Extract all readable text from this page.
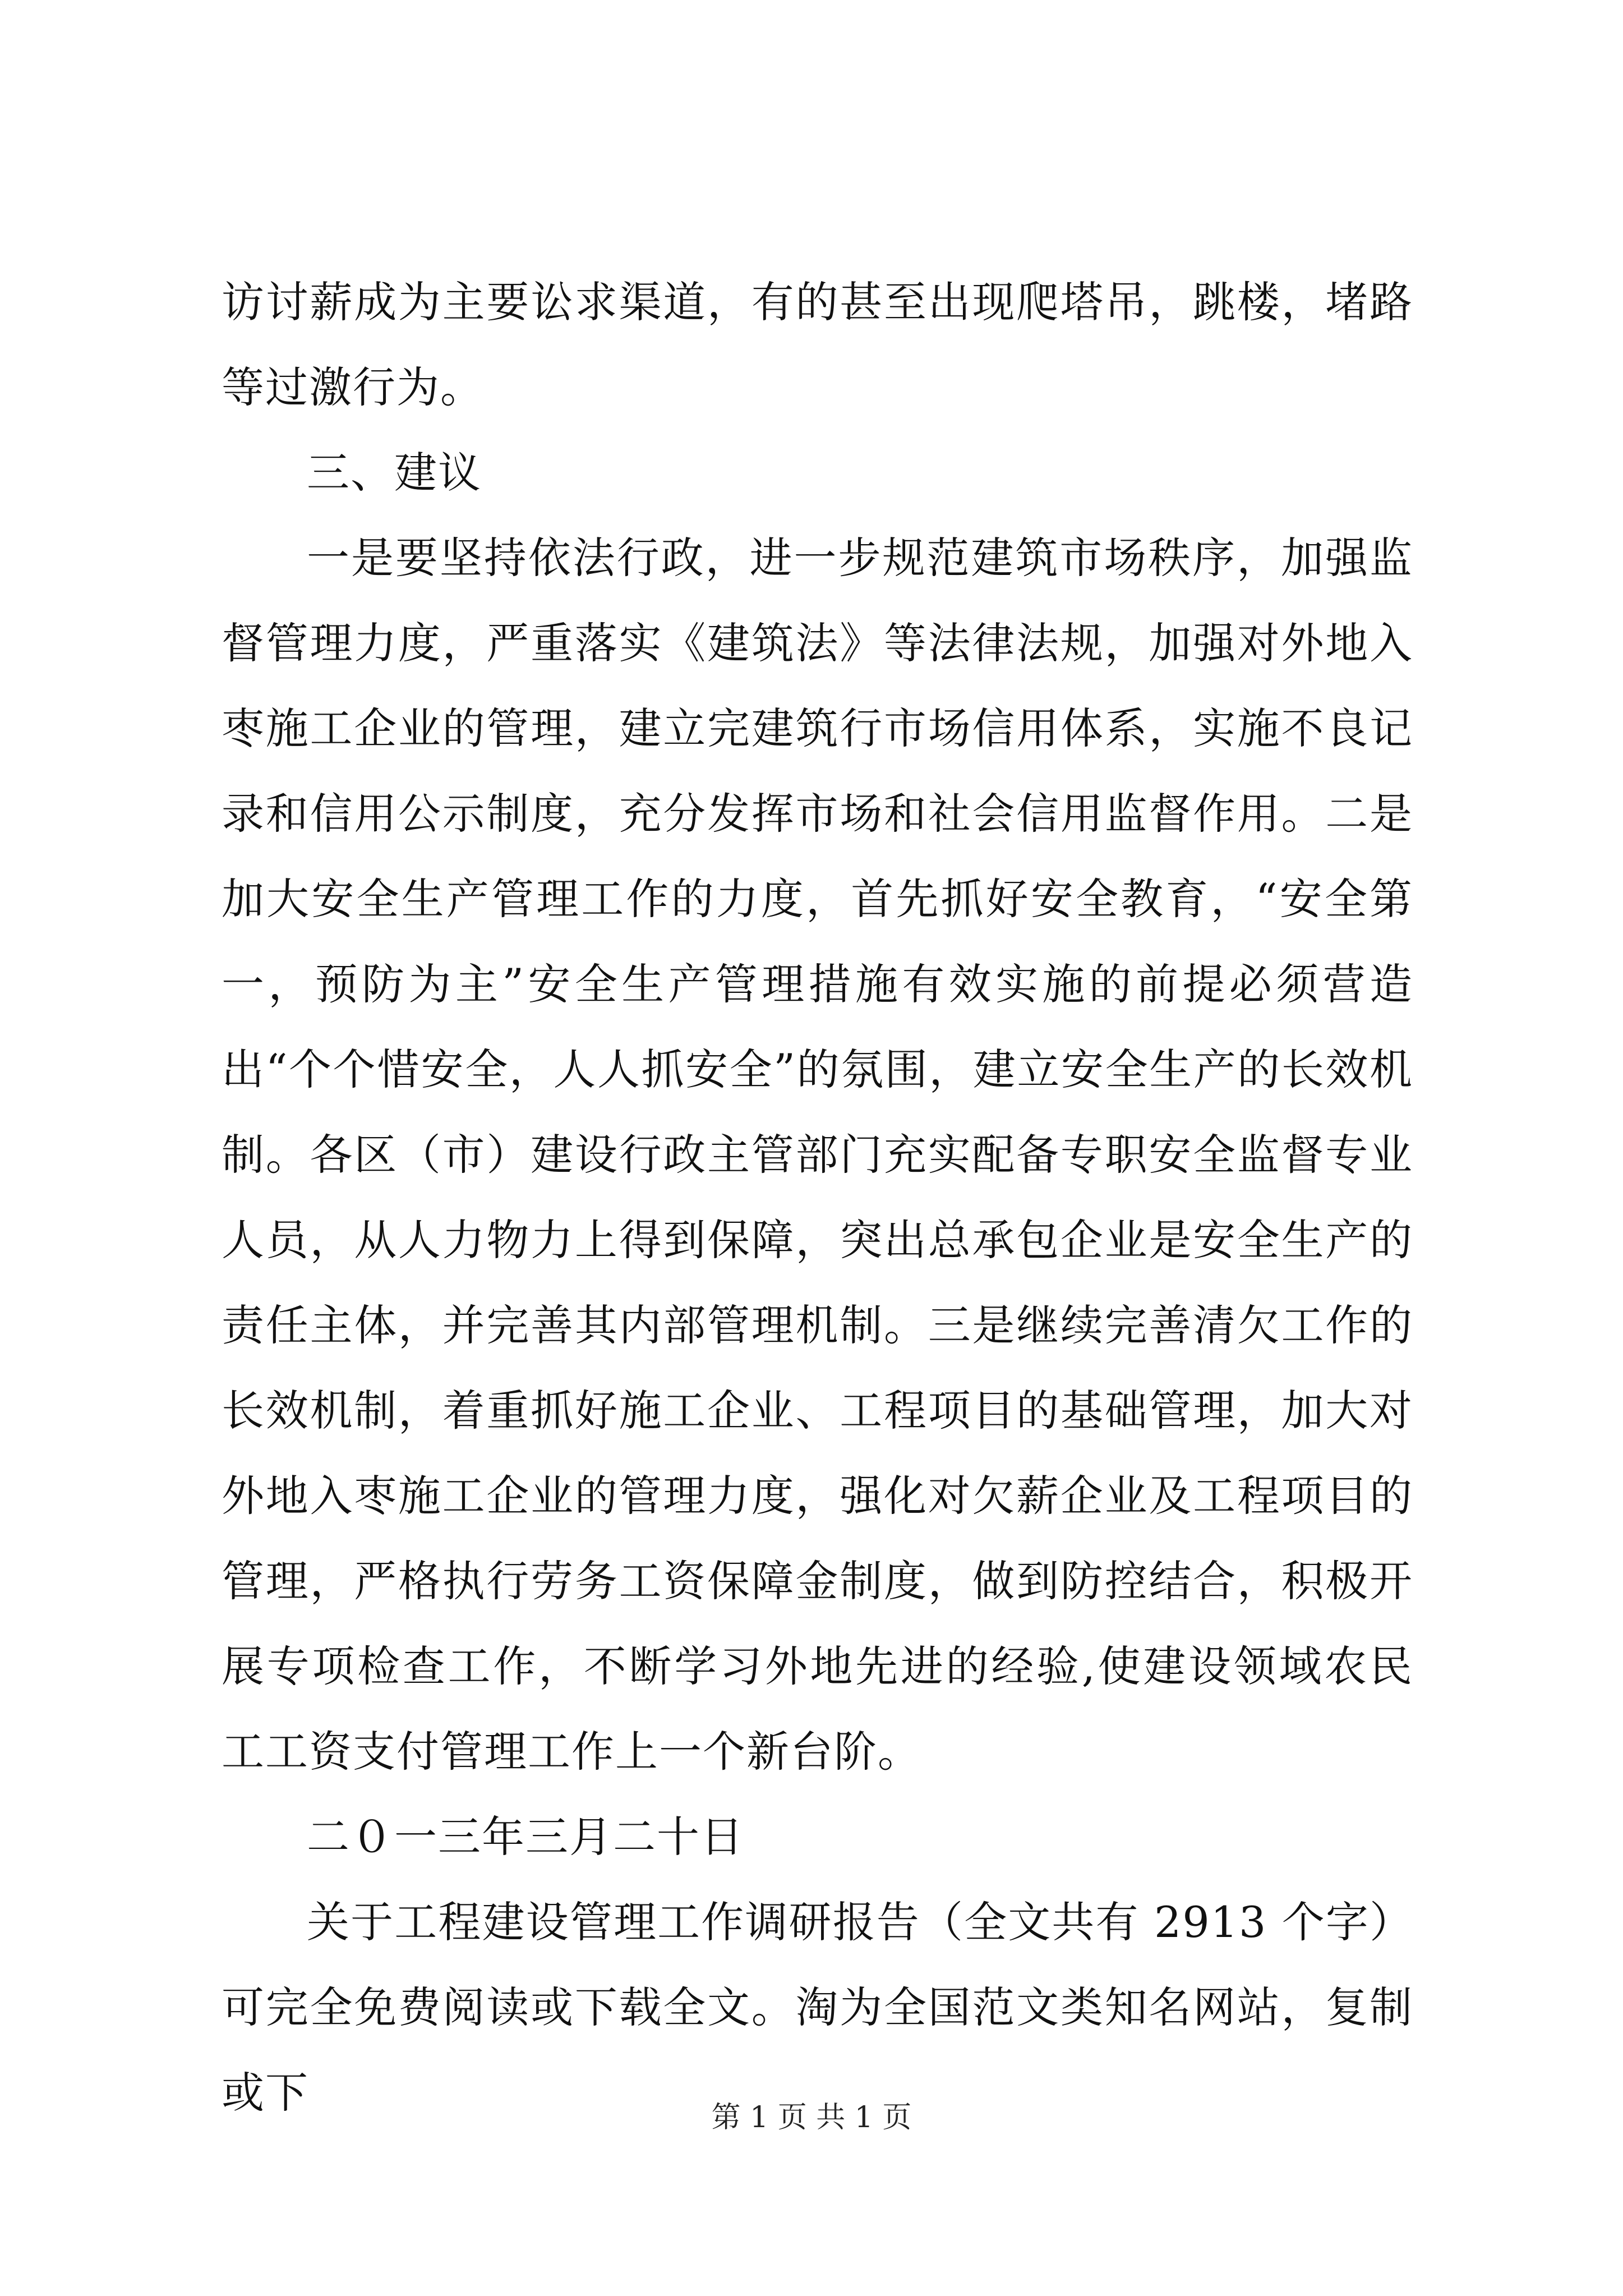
访讨薪成为主要讼求渠道，有的甚至出现爬塔吊，跳楼，堵路等过激行为。

三、建议

一是要坚持依法行政，进一步规范建筑市场秩序，加强监督管理力度，严重落实《建筑法》等法律法规，加强对外地入枣施工企业的管理，建立完建筑行市场信用体系，实施不良记录和信用公示制度，充分发挥市场和社会信用监督作用。二是加大安全生产管理工作的力度，首先抓好安全教育，“安全第一，预防为主”安全生产管理措施有效实施的前提必须营造出“个个惜安全，人人抓安全”的氛围，建立安全生产的长效机制。各区（市）建设行政主管部门充实配备专职安全监督专业人员，从人力物力上得到保障，突出总承包企业是安全生产的责任主体，并完善其内部管理机制。三是继续完善清欠工作的长效机制，着重抓好施工企业、工程项目的基础管理，加大对外地入枣施工企业的管理力度，强化对欠薪企业及工程项目的管理，严格执行劳务工资保障金制度，做到防控结合，积极开展专项检查工作，不断学习外地先进的经验,使建设领域农民工工资支付管理工作上一个新台阶。

二０一三年三月二十日

关于工程建设管理工作调研报告（全文共有 2913 个字）可完全免费阅读或下载全文。淘为全国范文类知名网站，复制或下	第 1 页 共 1 页
